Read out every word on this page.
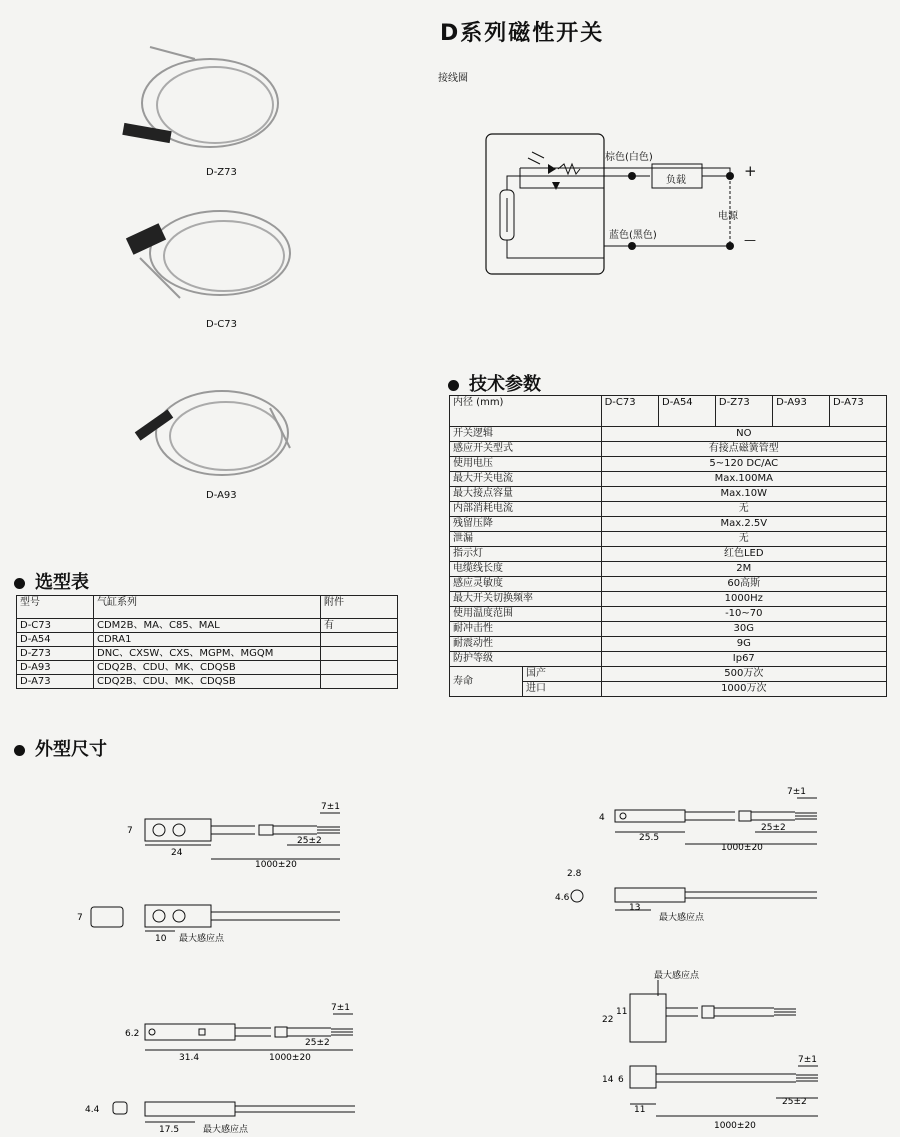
D系列磁性开关
接线圈
棕色(白色)
蓝色(黑色)
负载
电源
+
—
D-Z73
D-C73
D-A93
选型表
型号	气缸系列	附件
D-C73	CDM2B、MA、C85、MAL	有
D-A54	CDRA1	
D-Z73	DNC、CXSW、CXS、MGPM、MGQM	
D-A93	CDQ2B、CDU、MK、CDQSB	
D-A73	CDQ2B、CDU、MK、CDQSB	
技术参数
内径 (mm)		D-C73	D-A54	D-Z73	D-A93	D-A73
开关逻辑		NO				
感应开关型式		有接点磁簧管型				
使用电压		5~120 DC/AC				
最大开关电流		Max.100MA				
最大接点容量		Max.10W				
内部消耗电流		无				
残留压降		Max.2.5V				
泄漏		无				
指示灯		红色LED				
电缆线长度		2M				
感应灵敏度		60高斯				
最大开关切换频率		1000Hz				
使用温度范围		-10~70				
耐冲击性		30G				
耐震动性		9G				
防护等级		Ip67				
寿命	国产	500万次				
	进口	1000万次				
外型尺寸
7±1
7
24
25±2
1000±20
7
10 最大感应点
7±1
6.2
25±2
31.4	1000±20
4.4
17.5	最大感应点
7±1
4
25.5
25±2
1000±20
2.8
4.6
13
最大感应点
最大感应点
22
11
7±1
14 6
11
25±2
1000±20
